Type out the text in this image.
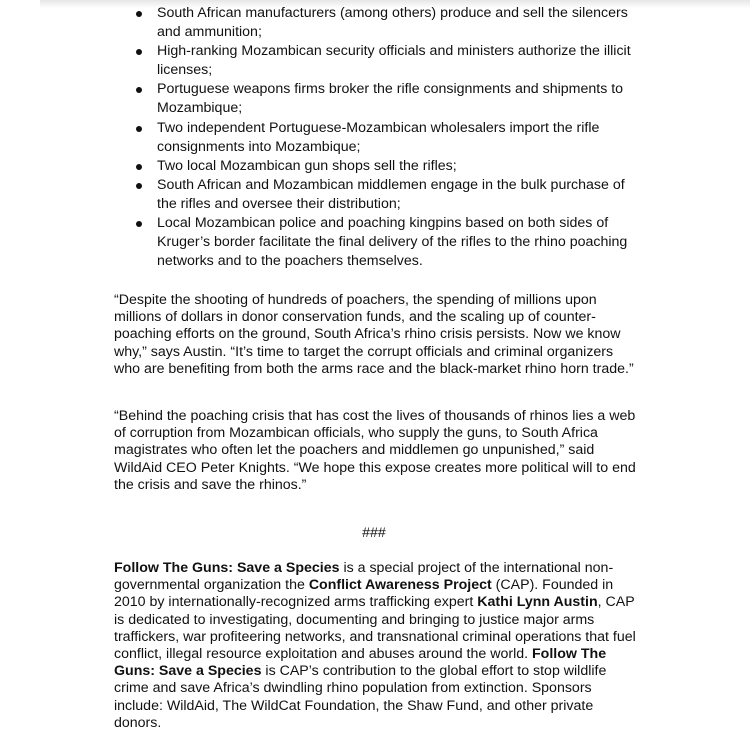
South African manufacturers (among others) produce and sell the silencers and ammunition;
High-ranking Mozambican security officials and ministers authorize the illicit licenses;
Portuguese weapons firms broker the rifle consignments and shipments to Mozambique;
Two independent Portuguese-Mozambican wholesalers import the rifle consignments into Mozambique;
Two local Mozambican gun shops sell the rifles;
South African and Mozambican middlemen engage in the bulk purchase of the rifles and oversee their distribution;
Local Mozambican police and poaching kingpins based on both sides of Kruger’s border facilitate the final delivery of the rifles to the rhino poaching networks and to the poachers themselves.

“Despite the shooting of hundreds of poachers, the spending of millions upon millions of dollars in donor conservation funds, and the scaling up of counter-poaching efforts on the ground, South Africa’s rhino crisis persists. Now we know why,” says Austin. “It’s time to target the corrupt officials and criminal organizers who are benefiting from both the arms race and the black-market rhino horn trade.”

“Behind the poaching crisis that has cost the lives of thousands of rhinos lies a web of corruption from Mozambican officials, who supply the guns, to South Africa magistrates who often let the poachers and middlemen go unpunished,” said WildAid CEO Peter Knights. “We hope this expose creates more political will to end the crisis and save the rhinos.”

###

Follow The Guns: Save a Species is a special project of the international non-governmental organization the Conflict Awareness Project (CAP). Founded in 2010 by internationally-recognized arms trafficking expert Kathi Lynn Austin, CAP is dedicated to investigating, documenting and bringing to justice major arms traffickers, war profiteering networks, and transnational criminal operations that fuel conflict, illegal resource exploitation and abuses around the world. Follow The Guns: Save a Species is CAP’s contribution to the global effort to stop wildlife crime and save Africa’s dwindling rhino population from extinction. Sponsors include: WildAid, The WildCat Foundation, the Shaw Fund, and other private donors.
